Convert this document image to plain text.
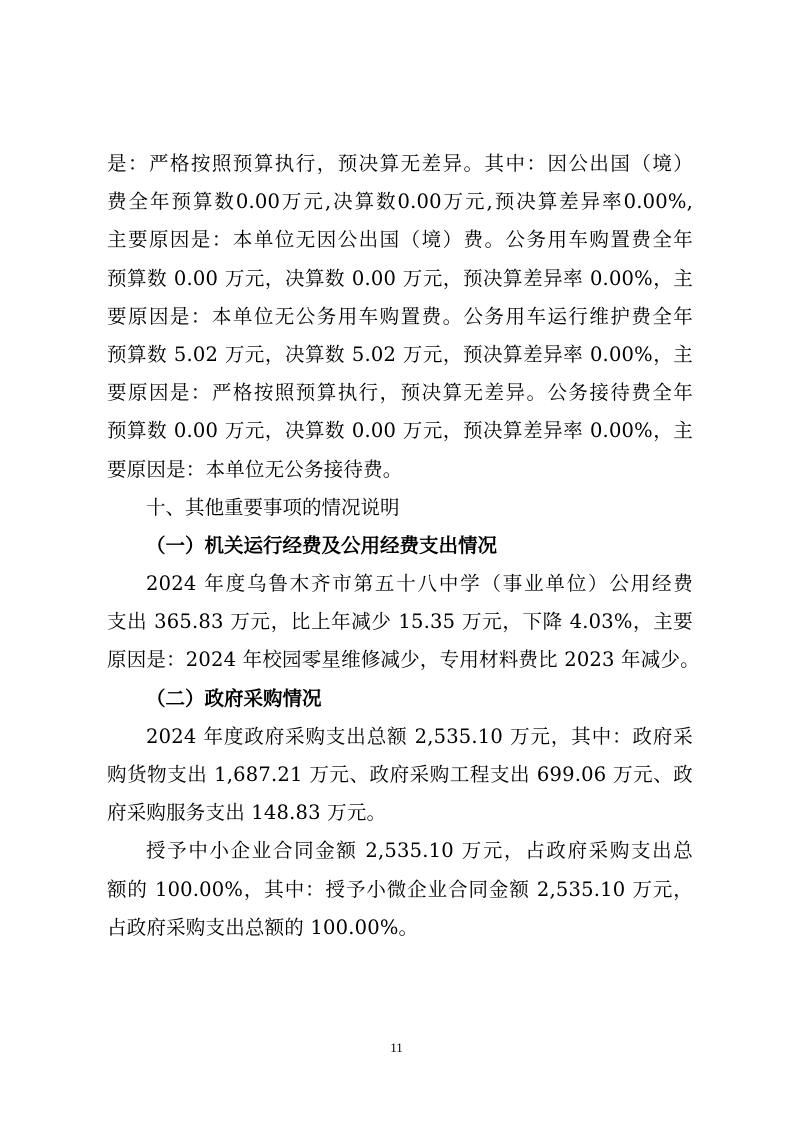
是：严格按照预算执行，预决算无差异。其中：因公出国（境）
费全年预算数0.00万元,决算数0.00万元,预决算差异率0.00%,
主要原因是：本单位无因公出国（境）费。公务用车购置费全年
预算数 0.00 万元，决算数 0.00 万元，预决算差异率 0.00%，主
要原因是：本单位无公务用车购置费。公务用车运行维护费全年
预算数 5.02 万元，决算数 5.02 万元，预决算差异率 0.00%，主
要原因是：严格按照预算执行，预决算无差异。公务接待费全年
预算数 0.00 万元，决算数 0.00 万元，预决算差异率 0.00%，主
要原因是：本单位无公务接待费。
十、其他重要事项的情况说明
（一）机关运行经费及公用经费支出情况
2024 年度乌鲁木齐市第五十八中学（事业单位）公用经费
支出 365.83 万元，比上年减少 15.35 万元，下降 4.03%，主要
原因是：2024 年校园零星维修减少，专用材料费比 2023 年减少。
（二）政府采购情况
2024 年度政府采购支出总额 2,535.10 万元，其中：政府采
购货物支出 1,687.21 万元、政府采购工程支出 699.06 万元、政
府采购服务支出 148.83 万元。
授予中小企业合同金额 2,535.10 万元，占政府采购支出总
额的 100.00%，其中：授予小微企业合同金额 2,535.10 万元，
占政府采购支出总额的 100.00%。
11
